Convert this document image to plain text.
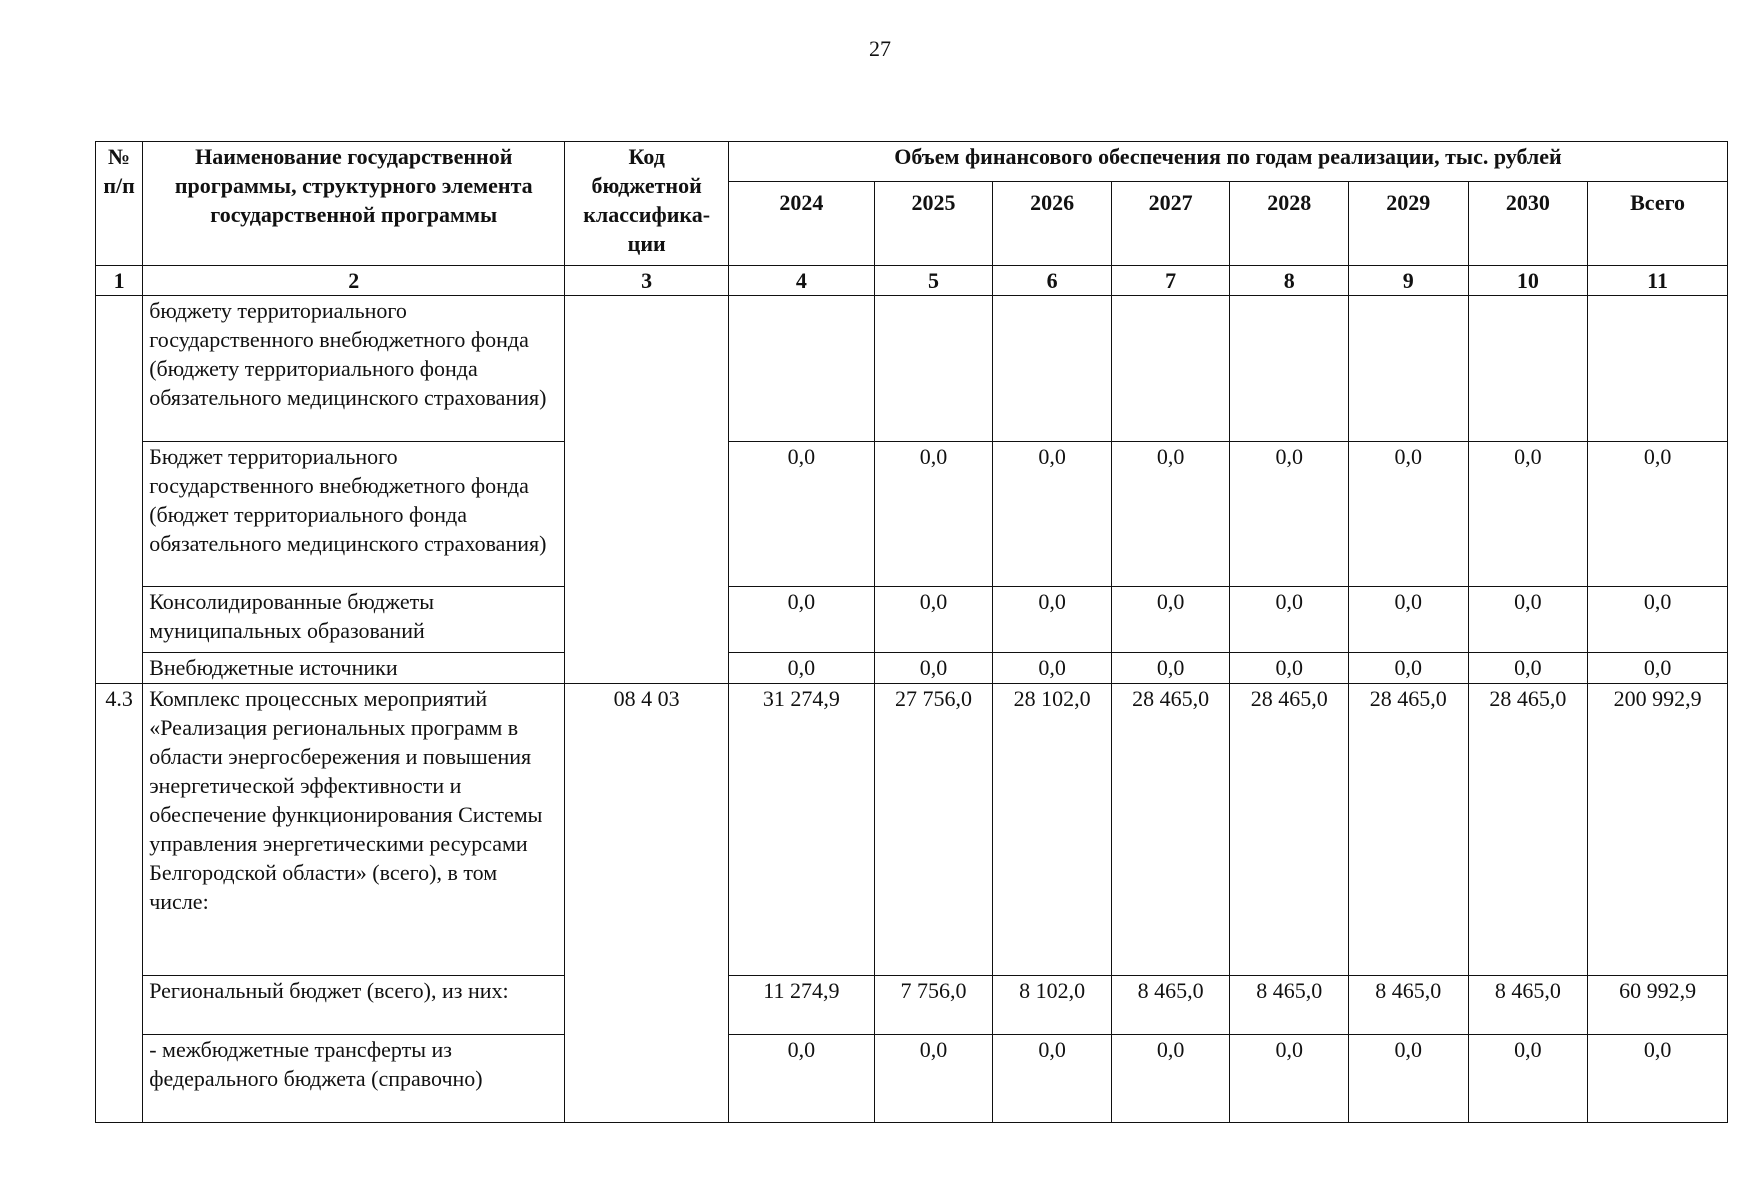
27
№ п/п	Наименование государственной программы, структурного элемента государственной программы	Код бюджетной классифика-ции	Объем финансового обеспечения по годам реализации, тыс. рублей							
			2024	2025	2026	2027	2028	2029	2030	Всего
1	2	3	4	5	6	7	8	9	10	11
	бюджету территориального государственного внебюджетного фонда (бюджету территориального фонда обязательного медицинского страхования)									
	Бюджет территориального государственного внебюджетного фонда (бюджет территориального фонда обязательного медицинского страхования)		0,0	0,0	0,0	0,0	0,0	0,0	0,0	0,0
	Консолидированные бюджеты муниципальных образований		0,0	0,0	0,0	0,0	0,0	0,0	0,0	0,0
	Внебюджетные источники		0,0	0,0	0,0	0,0	0,0	0,0	0,0	0,0
4.3	Комплекс процессных мероприятий «Реализация региональных программ в области энергосбережения и повышения энергетической эффективности и обеспечение функционирования Системы управления энергетическими ресурсами Белгородской области» (всего), в том числе:	08 4 03	31 274,9	27 756,0	28 102,0	28 465,0	28 465,0	28 465,0	28 465,0	200 992,9
	Региональный бюджет (всего), из них:		11 274,9	7 756,0	8 102,0	8 465,0	8 465,0	8 465,0	8 465,0	60 992,9
	- межбюджетные трансферты из федерального бюджета (справочно)		0,0	0,0	0,0	0,0	0,0	0,0	0,0	0,0
